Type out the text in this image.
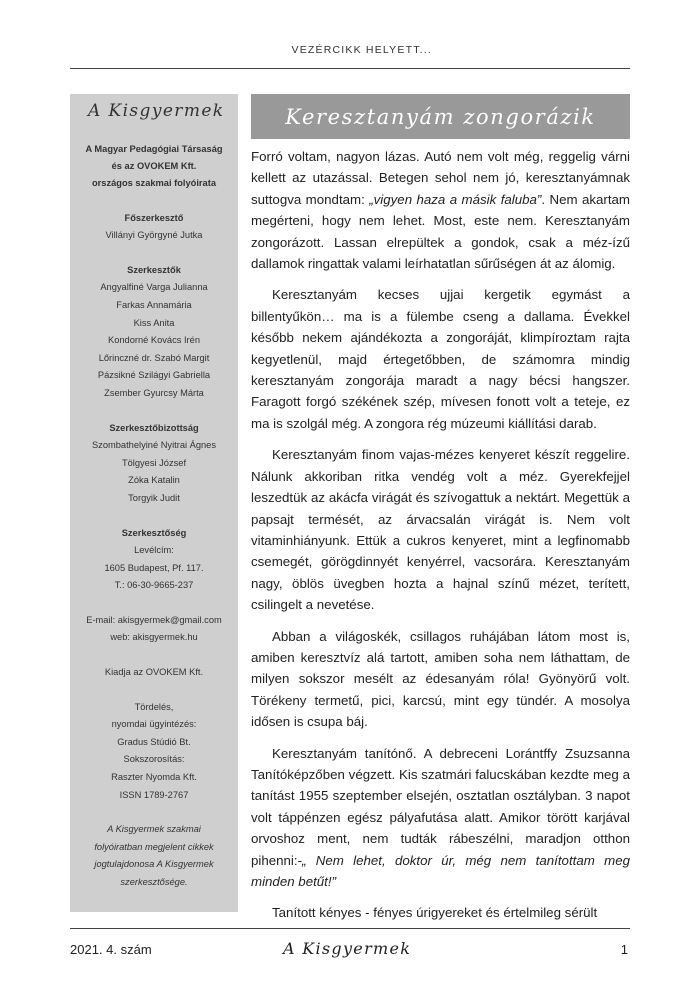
VEZÉRCIKK HELYETT...
A Kisgyermek
A Magyar Pedagógiai Társaság
és az OVOKEM Kft.
országos szakmai folyóirata
Főszerkesztő
Villányi Györgyné Jutka
Szerkesztők
Angyalfiné Varga Julianna
Farkas Annamária
Kiss Anita
Kondorné Kovács Irén
Lőrinczné dr. Szabó Margit
Pázsikné Szilágyi Gabriella
Zsember Gyurcsy Márta
Szerkesztőbizottság
Szombathelyiné Nyitrai Ágnes
Tölgyesi József
Zóka Katalin
Torgyik Judit
Szerkesztőség
Levélcím:
1605 Budapest, Pf. 117.
T.: 06-30-9665-237
E-mail: akisgyermek@gmail.com
web: akisgyermek.hu
Kiadja az OVOKEM Kft.
Tördelés,
nyomdai ügyintézés:
Gradus Stúdió Bt.
Sokszorosítás:
Raszter Nyomda Kft.
ISSN 1789-2767
A Kisgyermek szakmai
folyóiratban megjelent cikkek
jogtulajdonosa A Kisgyermek
szerkesztősége.
Keresztanyám zongorázik

Forró voltam, nagyon lázas. Autó nem volt még, reggelig várni kellett az utazással. Betegen sehol nem jó, keresztanyámnak suttogva mondtam: „vigyen haza a másik faluba”. Nem akartam megérteni, hogy nem lehet. Most, este nem. Keresztanyám zongorázott. Lassan elrepültek a gondok, csak a méz-ízű dallamok ringattak valami leírhatatlan sűrűségen át az álomig.

Keresztanyám kecses ujjai kergetik egymást a billentyűkön… ma is a fülembe cseng a dallama. Évekkel később nekem ajándékozta a zongoráját, klimpíroztam rajta kegyetlenül, majd értegetőbben, de számomra mindig keresztanyám zongorája maradt a nagy bécsi hangszer. Faragott forgó székének szép, mívesen fonott volt a teteje, ez ma is szolgál még. A zongora rég múzeumi kiállítási darab.

Keresztanyám finom vajas-mézes kenyeret készít reggelire. Nálunk akkoriban ritka vendég volt a méz. Gyerekfejjel leszedtük az akácfa virágát és szívogattuk a nektárt. Megettük a papsajt termését, az árvacsalán virágát is. Nem volt vitaminhiányunk. Ettük a cukros kenyeret, mint a legfinomabb csemegét, görögdinnyét kenyérrel, vacsorára. Keresztanyám nagy, öblös üvegben hozta a hajnal színű mézet, terített, csilingelt a nevetése.

Abban a világoskék, csillagos ruhájában látom most is, amiben keresztvíz alá tartott, amiben soha nem láthattam, de milyen sokszor mesélt az édesanyám róla! Gyönyörű volt. Törékeny termetű, pici, karcsú, mint egy tündér. A mosolya idősen is csupa báj.

Keresztanyám tanítónő. A debreceni Lorántffy Zsuzsanna Tanítóképzőben végzett. Kis szatmári falucskában kezdte meg a tanítást 1955 szeptember elsején, osztatlan osztályban. 3 napot volt táppénzen egész pályafutása alatt. Amikor törött karjával orvoshoz ment, nem tudták rábeszélni, maradjon otthon pihenni:-„ Nem lehet, doktor úr, még nem tanítottam meg minden betűt!”

Tanított kényes - fényes úrigyereket és értelmileg sérült

2021. 4. szám	A Kisgyermek	1
